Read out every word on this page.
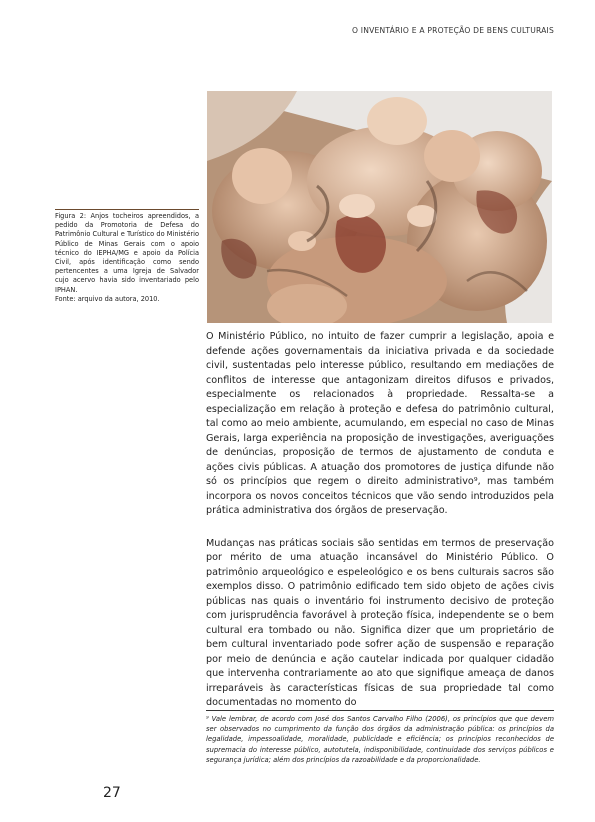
O INVENTÁRIO E A PROTEÇÃO DE BENS CULTURAIS

Figura 2: Anjos tocheiros apreendidos, a pedido da Promotoria de Defesa do Patrimônio Cultural e Turístico do Ministério Público de Minas Gerais com o apoio técnico do IEPHA/MG e apoio da Polícia Civil, após identificação como sendo pertencentes a uma Igreja de Salvador cujo acervo havia sido inventariado pelo IPHAN.

Fonte: arquivo da autora, 2010.

O Ministério Público, no intuito de fazer cumprir a legislação, apoia e defende ações governamentais da iniciativa privada e da sociedade civil, sustentadas pelo interesse público, resultando em mediações de conflitos de interesse que antagonizam direitos difusos e privados, especialmente os relacionados à propriedade. Ressalta-se a especialização em relação à proteção e defesa do patrimônio cultural, tal como ao meio ambiente, acumulando, em especial no caso de Minas Gerais, larga experiência na proposição de investigações, averiguações de denúncias, proposição de termos de ajustamento de conduta e ações civis públicas. A atuação dos promotores de justiça difunde não só os princípios que regem o direito administrativo⁹, mas também incorpora os novos conceitos técnicos que vão sendo introduzidos pela prática administrativa dos órgãos de preservação.

Mudanças nas práticas sociais são sentidas em termos de preservação por mérito de uma atuação incansável do Ministério Público. O patrimônio arqueológico e espeleológico e os bens culturais sacros são exemplos disso. O patrimônio edificado tem sido objeto de ações civis públicas nas quais o inventário foi instrumento decisivo de proteção com jurisprudência favorável à proteção física, independente se o bem cultural era tombado ou não. Significa dizer que um proprietário de bem cultural inventariado pode sofrer ação de suspensão e reparação por meio de denúncia e ação cautelar indicada por qualquer cidadão que intervenha contrariamente ao ato que signifique ameaça de danos irreparáveis às características físicas de sua propriedade tal como documentadas no momento do

⁹ Vale lembrar, de acordo com José dos Santos Carvalho Filho (2006), os princípios que que devem ser observados no cumprimento da função dos órgãos da administração pública: os princípios da legalidade, impessoalidade, moralidade, publicidade e eficiência; os princípios reconhecidos de supremacia do interesse público, autotutela, indisponibilidade, continuidade dos serviços públicos e segurança jurídica; além dos princípios da razoabilidade e da proporcionalidade.

27
